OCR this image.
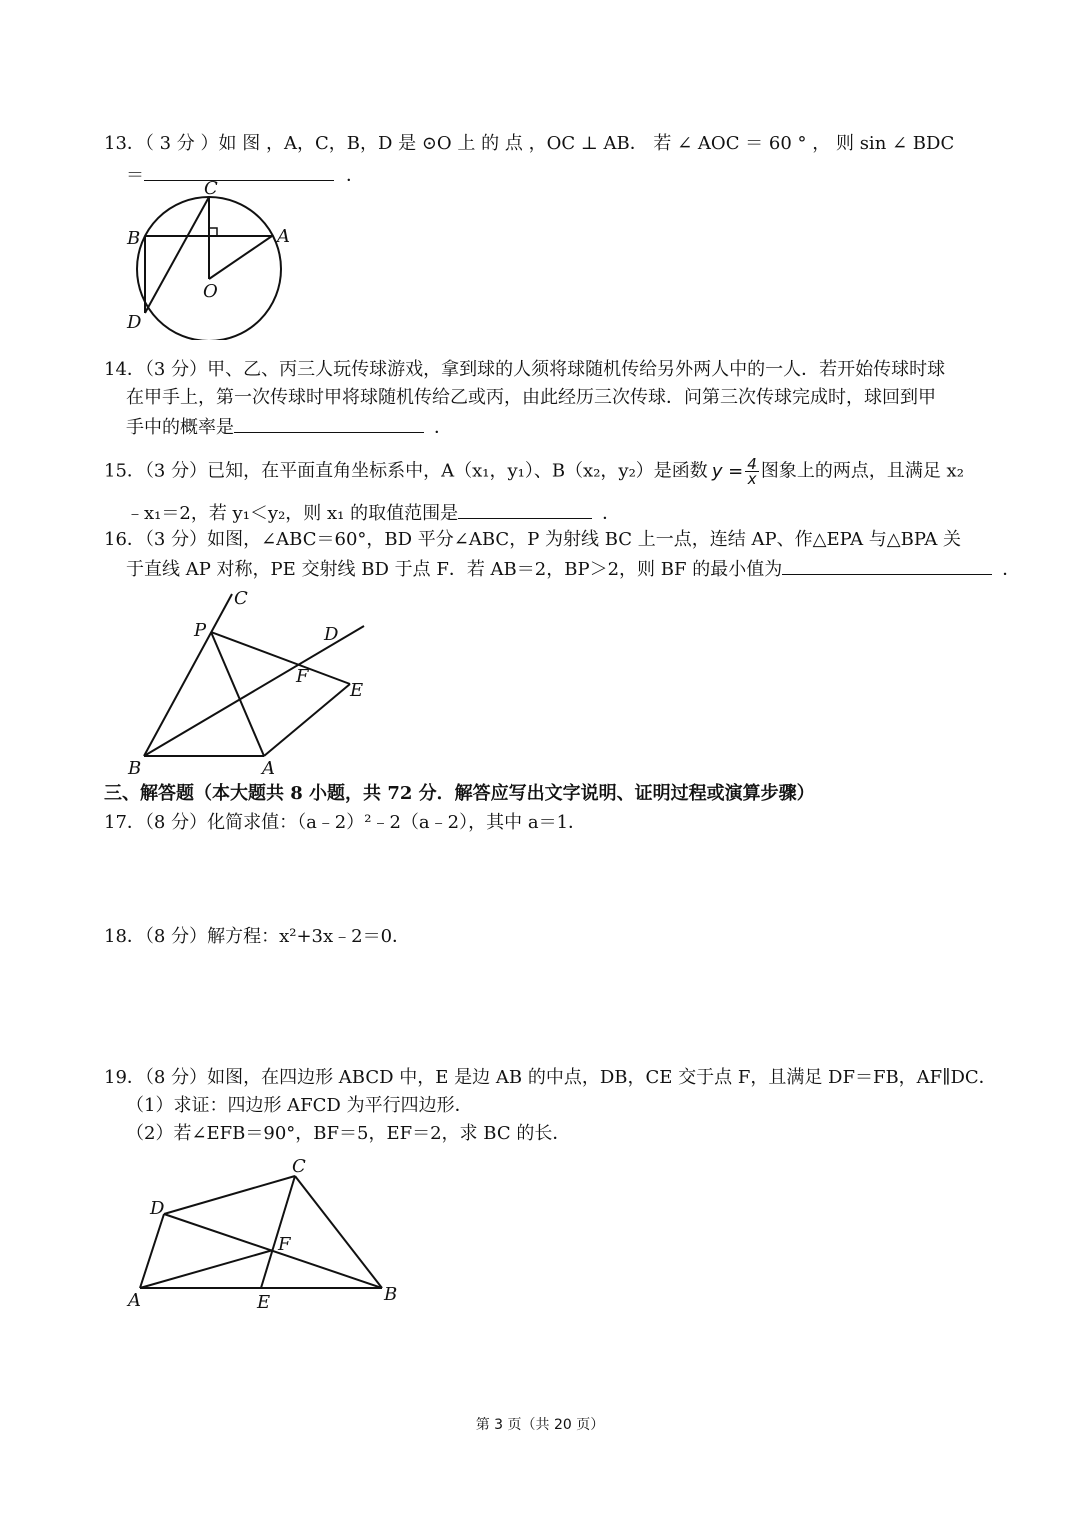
13．（ 3 分 ）如 图 ，A，C，B，D 是 ⊙O 上 的 点 ，OC ⊥ AB． 若 ∠ AOC ＝ 60 ° ， 则 sin ∠ BDC
＝	．
C
B	A
O
D
14．（3 分）甲、乙、丙三人玩传球游戏，拿到球的人须将球随机传给另外两人中的一人．若开始传球时球
在甲手上，第一次传球时甲将球随机传给乙或丙，由此经历三次传球．问第三次传球完成时，球回到甲
手中的概率是	．
15．（3 分）已知，在平面直角坐标系中，A（x₁，y₁）、B（x₂，y₂）是函数 $y = \frac{4}{x}$ 图象上的两点，且满足 x₂
﹣x₁＝2，若 y₁＜y₂，则 x₁ 的取值范围是	．
16．（3 分）如图，∠ABC＝60°，BD 平分∠ABC，P 为射线 BC 上一点，连结 AP、作△EPA 与△BPA 关
于直线 AP 对称，PE 交射线 BD 于点 F．若 AB＝2，BP＞2，则 BF 的最小值为	．
C
P	D
F
E
B	A
三、解答题（本大题共 8 小题，共 72 分．解答应写出文字说明、证明过程或演算步骤）
17．（8 分）化简求值：（a﹣2）²﹣2（a﹣2），其中 a＝1．
18．（8 分）解方程：x²+3x﹣2＝0．
19．（8 分）如图，在四边形 ABCD 中，E 是边 AB 的中点，DB，CE 交于点 F，且满足 DF＝FB，AF∥DC．
（1）求证：四边形 AFCD 为平行四边形．
（2）若∠EFB＝90°，BF＝5，EF＝2，求 BC 的长．
C
D
F
A	E	B
第 3 页（共 20 页）
